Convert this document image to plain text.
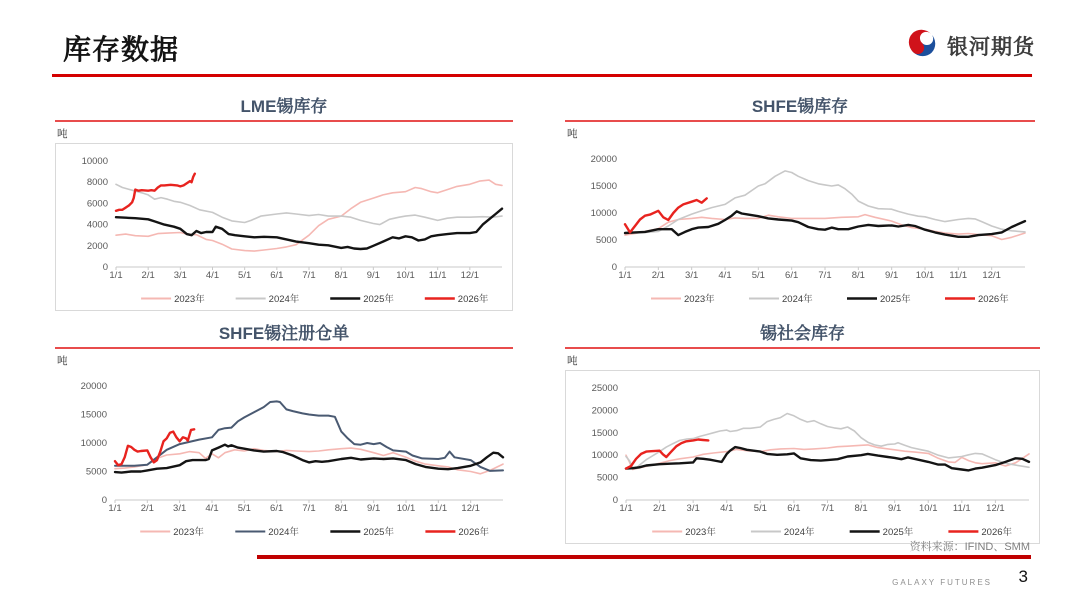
库存数据	银河期货
LME锡库存
吨
0
2000
4000
6000
8000
10000
1/1 2/1 3/1 4/1 5/1 6/1 7/1 8/1 9/1 10/1 11/1 12/1
2023年	2024年	2025年	2026年
SHFE锡库存
吨
0
5000
10000
15000
20000
1/1 2/1 3/1 4/1 5/1 6/1 7/1 8/1 9/1 10/1 11/1 12/1
2023年	2024年	2025年	2026年
SHFE锡注册仓单
吨
0
5000
10000
15000
20000
1/1 2/1 3/1 4/1 5/1 6/1 7/1 8/1 9/1 10/1 11/1 12/1
2023年	2024年	2025年	2026年
锡社会库存
吨
0
5000
10000
15000
20000
25000
1/1 2/1 3/1 4/1 5/1 6/1 7/1 8/1 9/1 10/1 11/1 12/1
2023年	2024年	2025年	2026年
资料来源：IFIND、SMM
GALAXY FUTURES 3
